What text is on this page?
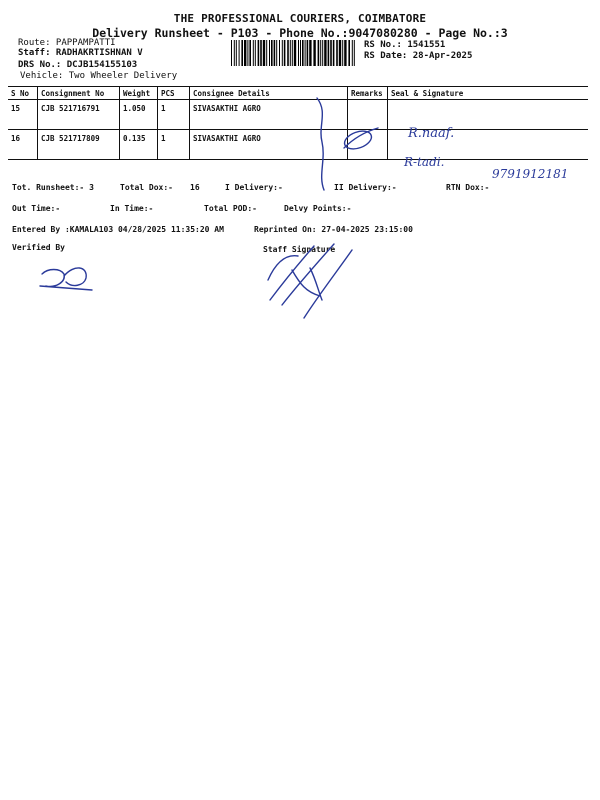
THE PROFESSIONAL COURIERS, COIMBATORE
Delivery Runsheet - P103 - Phone No.:9047080280 - Page No.:3
Route: PAPPAMPATTI
Staff: RADHAKRTISHNAN V
DRS No.: DCJB154155103
Vehicle: Two Wheeler Delivery
RS No.: 1541551
RS Date: 28-Apr-2025
S No	Consignment No	Weight	PCS	Consignee Details	Remarks	Seal & Signature
15	CJB 521716791	1.050	1	SIVASAKTHI AGRO		
16	CJB 521717809	0.135	1	SIVASAKTHI AGRO		
Tot. Runsheet:- 3	Total Dox:- 16	I Delivery:-	II Delivery:-	RTN Dox:-
Out Time:-	In Time:-	Total POD:-	Delvy Points:-
Entered By :KAMALA103 04/28/2025 11:35:20 AM	Reprinted On: 27-04-2025 23:15:00
Verified By	Staff Signature
R.naaf.
R-tadi.
9791912181
